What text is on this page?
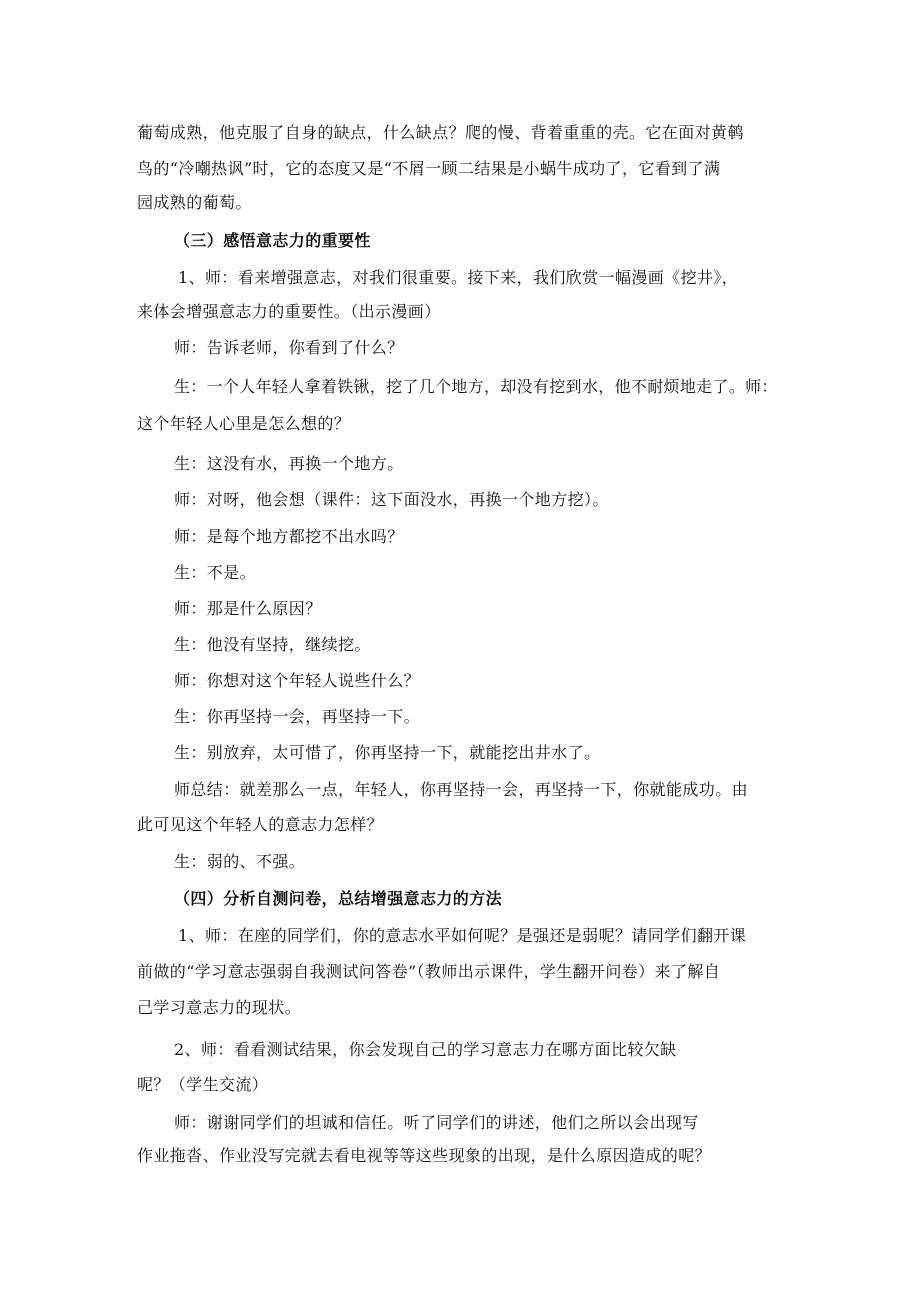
葡萄成熟，他克服了自身的缺点，什么缺点？爬的慢、背着重重的壳。它在面对黄鹌
鸟的“冷嘲热讽”时，它的态度又是“不屑一顾二结果是小蜗牛成功了，它看到了满
园成熟的葡萄。
（三）感悟意志力的重要性
1、师：看来增强意志，对我们很重要。接下来，我们欣赏一幅漫画《挖井》，
来体会增强意志力的重要性。（出示漫画）
师：告诉老师，你看到了什么？
生：一个人年轻人拿着铁锹，挖了几个地方，却没有挖到水，他不耐烦地走了。师：
这个年轻人心里是怎么想的？
生：这没有水，再换一个地方。
师：对呀，他会想（课件：这下面没水，再换一个地方挖）。
师：是每个地方都挖不出水吗？
生：不是。
师：那是什么原因？
生：他没有坚持，继续挖。
师：你想对这个年轻人说些什么？
生：你再坚持一会，再坚持一下。
生：别放弃，太可惜了，你再坚持一下，就能挖出井水了。
师总结：就差那么一点，年轻人，你再坚持一会，再坚持一下，你就能成功。由
此可见这个年轻人的意志力怎样？
生：弱的、不强。
（四）分析自测问卷，总结增强意志力的方法
1、师：在座的同学们，你的意志水平如何呢？是强还是弱呢？请同学们翻开课
前做的“学习意志强弱自我测试问答卷”（教师出示课件，学生翻开问卷）来了解自
己学习意志力的现状。
2、师：看看测试结果，你会发现自己的学习意志力在哪方面比较欠缺
呢？（学生交流）
师：谢谢同学们的坦诚和信任。听了同学们的讲述，他们之所以会出现写
作业拖沓、作业没写完就去看电视等等这些现象的出现，是什么原因造成的呢？
